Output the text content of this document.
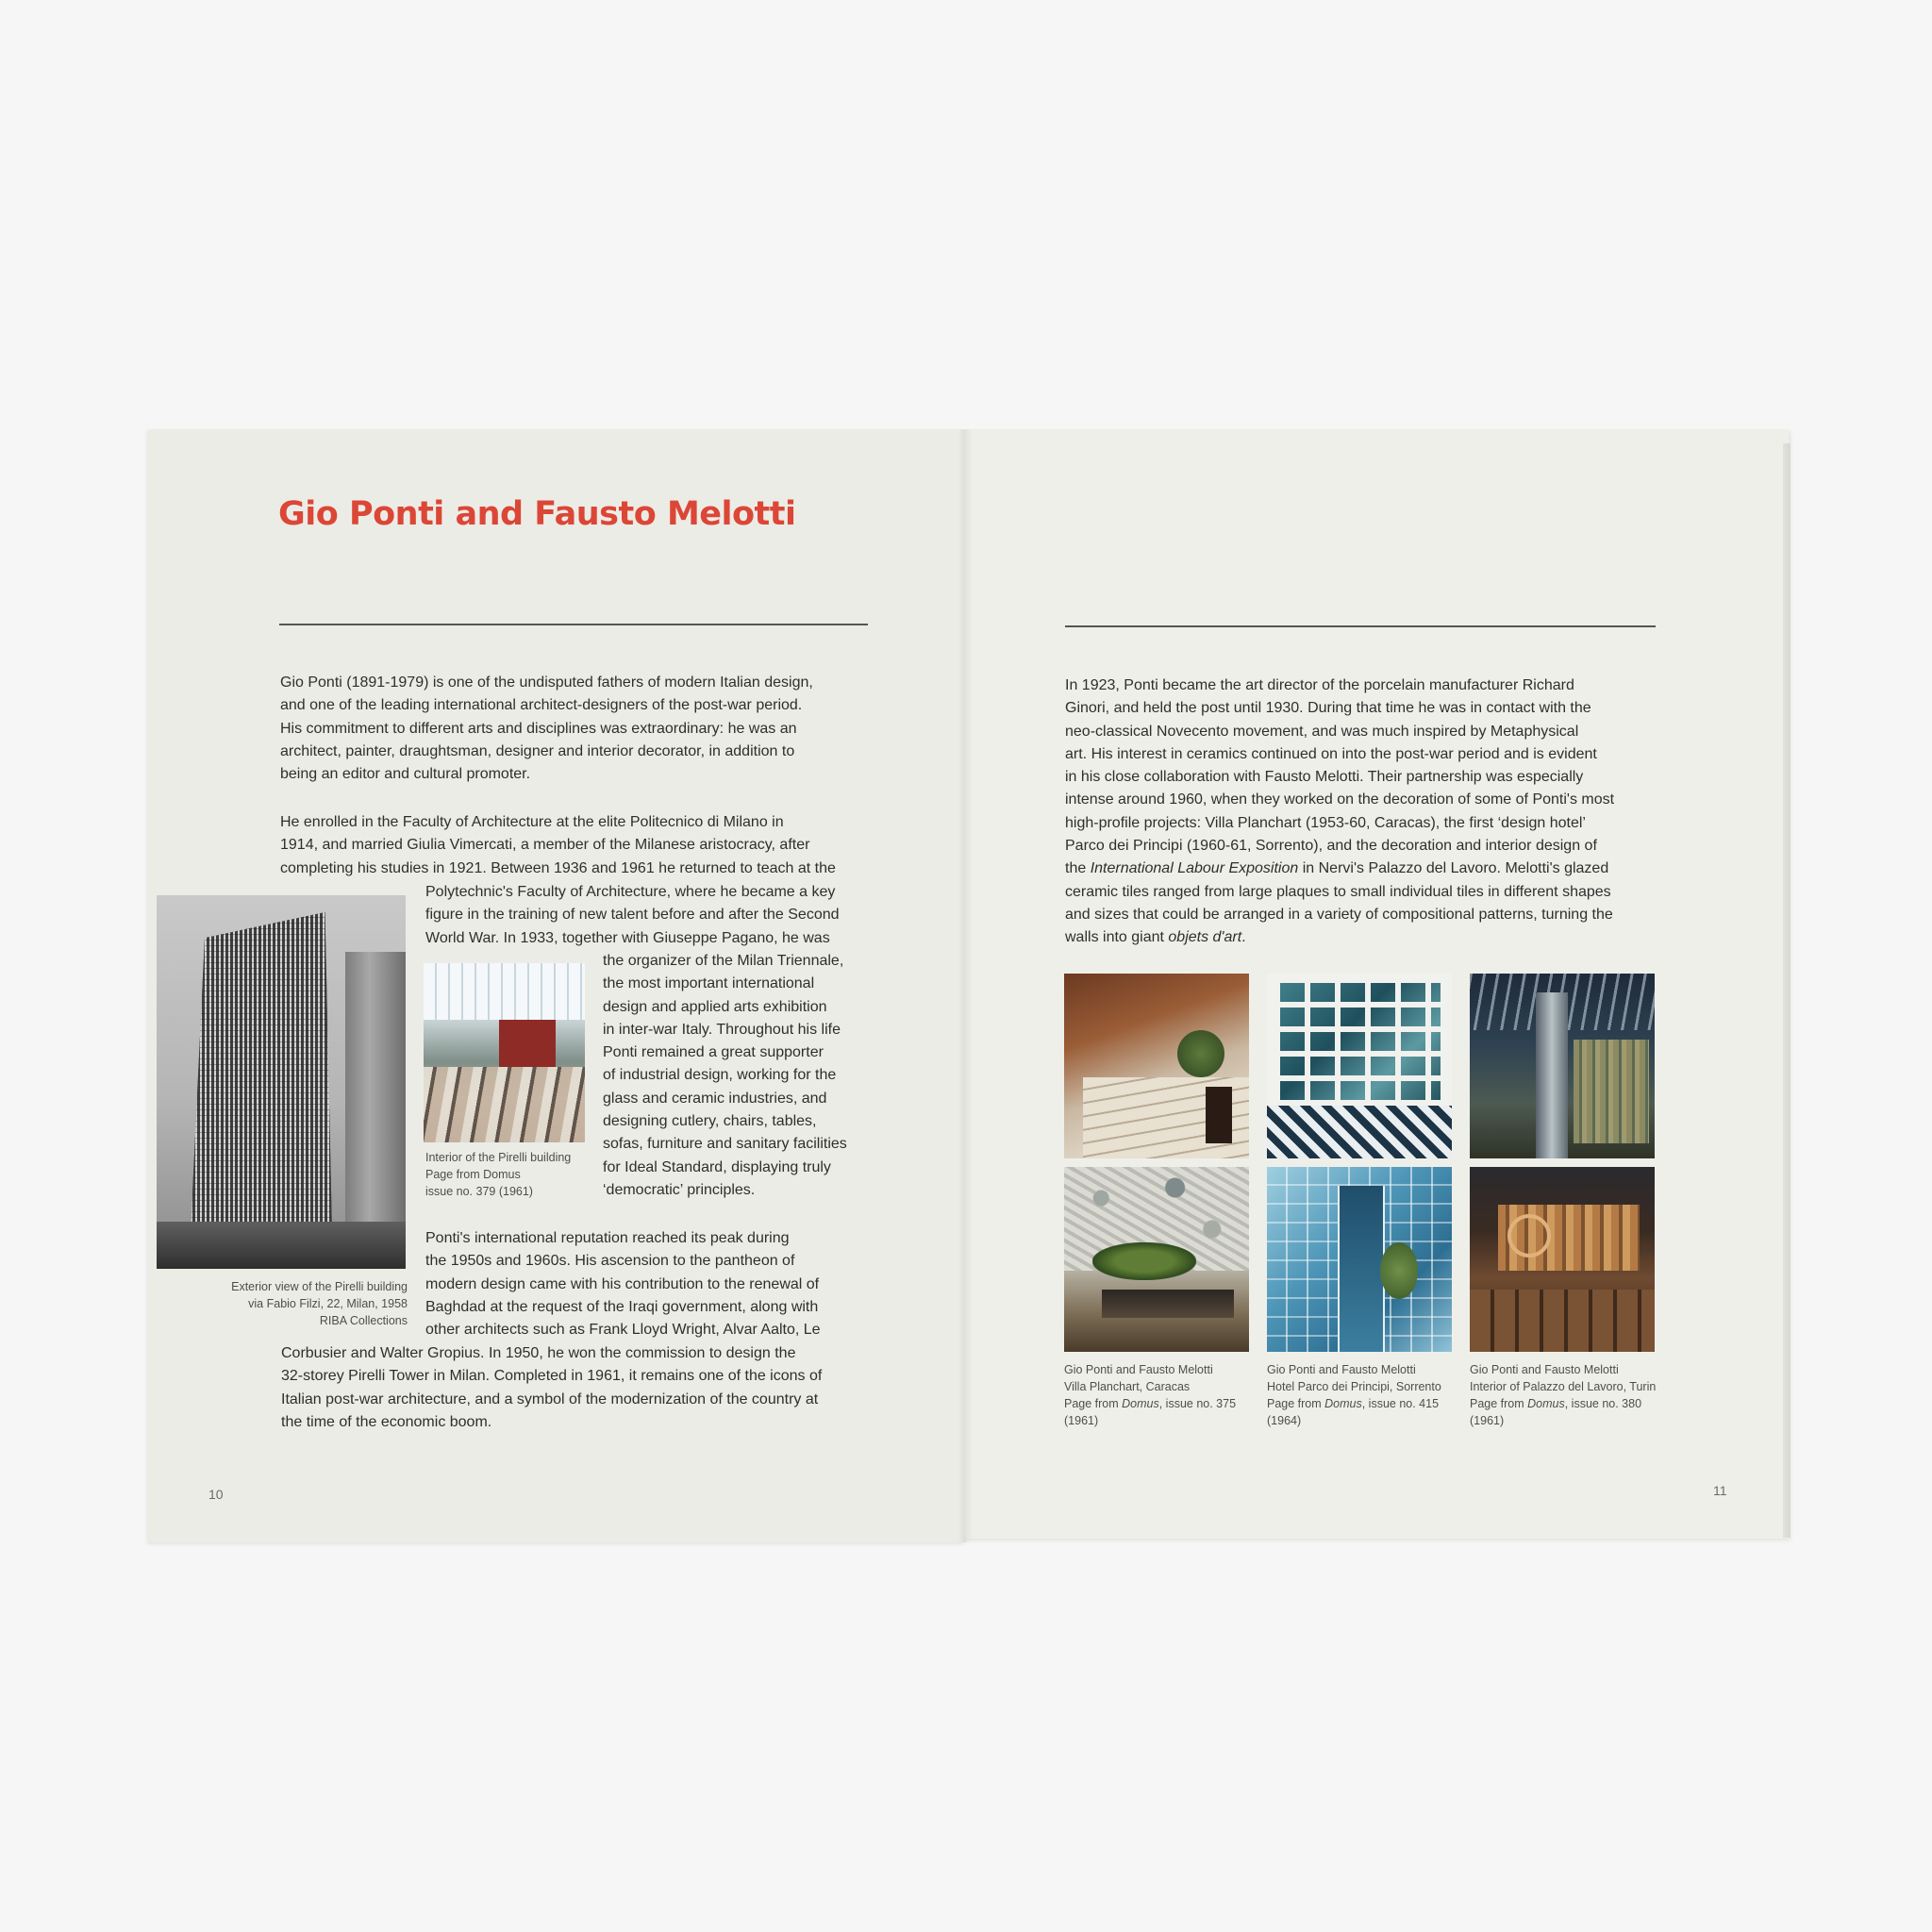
Gio Ponti and Fausto Melotti

Gio Ponti (1891-1979) is one of the undisputed fathers of modern Italian design,
and one of the leading international architect-designers of the post-war period.
His commitment to different arts and disciplines was extraordinary: he was an
architect, painter, draughtsman, designer and interior decorator, in addition to
being an editor and cultural promoter.

He enrolled in the Faculty of Architecture at the elite Politecnico di Milano in
1914, and married Giulia Vimercati, a member of the Milanese aristocracy, after
completing his studies in 1921. Between 1936 and 1961 he returned to teach at the

Polytechnic's Faculty of Architecture, where he became a key
figure in the training of new talent before and after the Second
World War. In 1933, together with Giuseppe Pagano, he was

the organizer of the Milan Triennale,
the most important international
design and applied arts exhibition
in inter-war Italy. Throughout his life
Ponti remained a great supporter
of industrial design, working for the
glass and ceramic industries, and
designing cutlery, chairs, tables,
sofas, furniture and sanitary facilities
for Ideal Standard, displaying truly
‘democratic’ principles.

Interior of the Pirelli building
Page from Domus
issue no. 379 (1961)

Exterior view of the Pirelli building
via Fabio Filzi, 22, Milan, 1958
RIBA Collections

Ponti's international reputation reached its peak during
the 1950s and 1960s. His ascension to the pantheon of
modern design came with his contribution to the renewal of
Baghdad at the request of the Iraqi government, along with
other architects such as Frank Lloyd Wright, Alvar Aalto, Le

Corbusier and Walter Gropius. In 1950, he won the commission to design the
32-storey Pirelli Tower in Milan. Completed in 1961, it remains one of the icons of
Italian post-war architecture, and a symbol of the modernization of the country at
the time of the economic boom.

10

In 1923, Ponti became the art director of the porcelain manufacturer Richard
Ginori, and held the post until 1930. During that time he was in contact with the
neo-classical Novecento movement, and was much inspired by Metaphysical
art. His interest in ceramics continued on into the post-war period and is evident
in his close collaboration with Fausto Melotti. Their partnership was especially
intense around 1960, when they worked on the decoration of some of Ponti's most
high-profile projects: Villa Planchart (1953-60, Caracas), the first ‘design hotel’
Parco dei Principi (1960-61, Sorrento), and the decoration and interior design of
the International Labour Exposition in Nervi's Palazzo del Lavoro. Melotti's glazed
ceramic tiles ranged from large plaques to small individual tiles in different shapes
and sizes that could be arranged in a variety of compositional patterns, turning the
walls into giant objets d'art.

Gio Ponti and Fausto Melotti
Villa Planchart, Caracas
Page from Domus, issue no. 375
(1961)

Gio Ponti and Fausto Melotti
Hotel Parco dei Principi, Sorrento
Page from Domus, issue no. 415
(1964)

Gio Ponti and Fausto Melotti
Interior of Palazzo del Lavoro, Turin
Page from Domus, issue no. 380
(1961)

11
